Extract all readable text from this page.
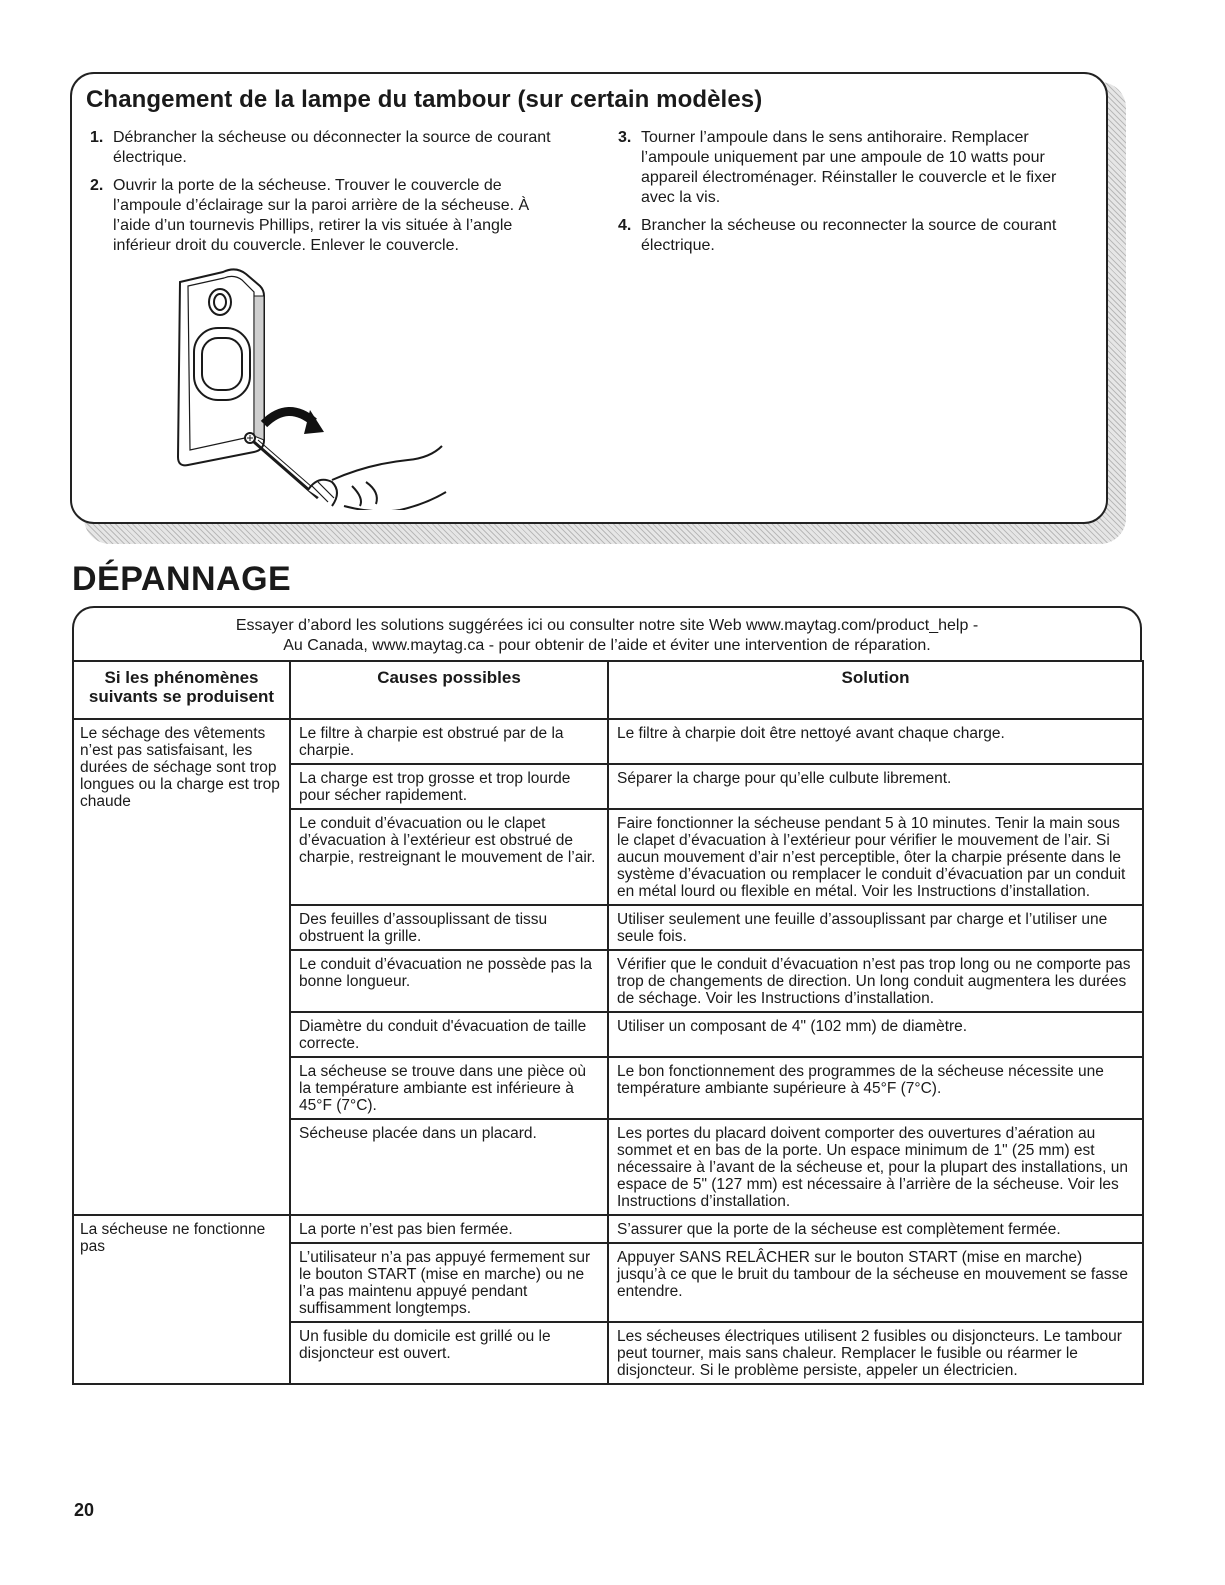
Changement de la lampe du tambour (sur certain modèles)
1. Débrancher la sécheuse ou déconnecter la source de courant électrique.
2. Ouvrir la porte de la sécheuse. Trouver le couvercle de l’ampoule d’éclairage sur la paroi arrière de la sécheuse. À l’aide d’un tournevis Phillips, retirer la vis située à l’angle inférieur droit du couvercle. Enlever le couvercle.
3. Tourner l’ampoule dans le sens antihoraire. Remplacer l’ampoule uniquement par une ampoule de 10 watts pour appareil électroménager. Réinstaller le couvercle et le fixer avec la vis.
4. Brancher la sécheuse ou reconnecter la source de courant électrique.
DÉPANNAGE

Essayer d’abord les solutions suggérées ici ou consulter notre site Web www.maytag.com/product_help -

Au Canada, www.maytag.ca - pour obtenir de l’aide et éviter une intervention de réparation.

Si les phénomènes suivants se produisent	Causes possibles	Solution
Le séchage des vêtements n’est pas satisfaisant, les durées de séchage sont trop longues ou la charge est trop chaude	Le filtre à charpie est obstrué par de la charpie.	Le filtre à charpie doit être nettoyé avant chaque charge.
	La charge est trop grosse et trop lourde pour sécher rapidement.	Séparer la charge pour qu’elle culbute librement.
	Le conduit d’évacuation ou le clapet d’évacuation à l’extérieur est obstrué de charpie, restreignant le mouvement de l’air.	Faire fonctionner la sécheuse pendant 5 à 10 minutes. Tenir la main sous le clapet d’évacuation à l’extérieur pour vérifier le mouvement de l’air. Si aucun mouvement d’air n’est perceptible, ôter la charpie présente dans le système d’évacuation ou remplacer le conduit d’évacuation par un conduit en métal lourd ou flexible en métal. Voir les Instructions d’installation.
	Des feuilles d’assouplissant de tissu obstruent la grille.	Utiliser seulement une feuille d’assouplissant par charge et l’utiliser une seule fois.
	Le conduit d’évacuation ne possède pas la bonne longueur.	Vérifier que le conduit d’évacuation n’est pas trop long ou ne comporte pas trop de changements de direction. Un long conduit augmentera les durées de séchage. Voir les Instructions d’installation.
	Diamètre du conduit d'évacuation de taille correcte.	Utiliser un composant de 4" (102 mm) de diamètre.
	La sécheuse se trouve dans une pièce où la température ambiante est inférieure à 45°F (7°C).	Le bon fonctionnement des programmes de la sécheuse nécessite une température ambiante supérieure à 45°F (7°C).
	Sécheuse placée dans un placard.	Les portes du placard doivent comporter des ouvertures d’aération au sommet et en bas de la porte. Un espace minimum de 1" (25 mm) est nécessaire à l’avant de la sécheuse et, pour la plupart des installations, un espace de 5" (127 mm) est nécessaire à l’arrière de la sécheuse. Voir les Instructions d’installation.
La sécheuse ne fonctionne pas	La porte n’est pas bien fermée.	S’assurer que la porte de la sécheuse est complètement fermée.
	L’utilisateur n’a pas appuyé fermement sur le bouton START (mise en marche) ou ne l’a pas maintenu appuyé pendant suffisamment longtemps.	Appuyer SANS RELÂCHER sur le bouton START (mise en marche) jusqu’à ce que le bruit du tambour de la sécheuse en mouvement se fasse entendre.
	Un fusible du domicile est grillé ou le disjoncteur est ouvert.	Les sécheuses électriques utilisent 2 fusibles ou disjoncteurs. Le tambour peut tourner, mais sans chaleur. Remplacer le fusible ou réarmer le disjoncteur. Si le problème persiste, appeler un électricien.
20
